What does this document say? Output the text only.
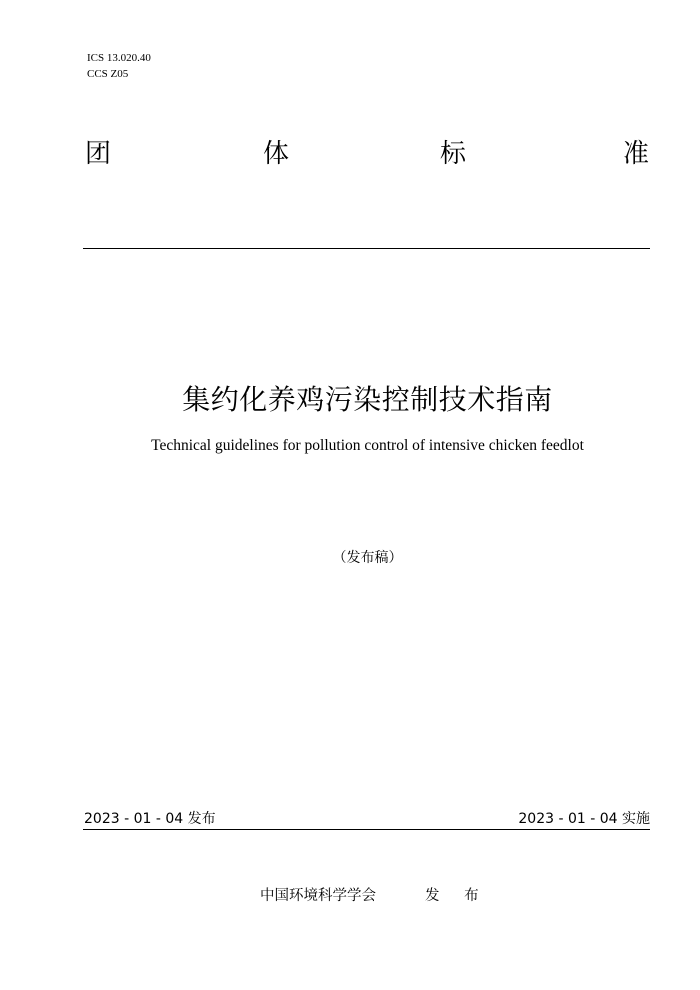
ICS 13.020.40
CCS Z05
团	体	标	准
集约化养鸡污染控制技术指南
Technical guidelines for pollution control of intensive chicken feedlot
（发布稿）
2023 - 01 - 04 发布	2023 - 01 - 04 实施
中国环境科学学会	发 布
